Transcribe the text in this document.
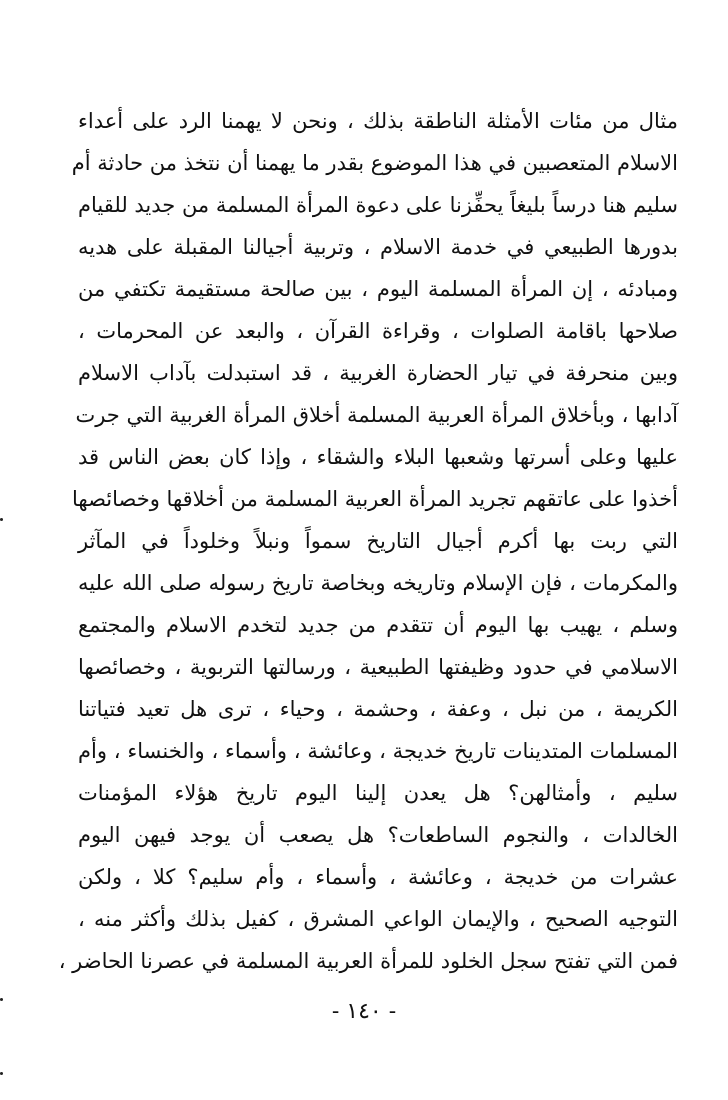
مثال من مئات الأمثلة الناطقة بذلك ، ونحن لا يهمنا الرد على أعداء
الاسلام المتعصبين في هذا الموضوع بقدر ما يهمنا أن نتخذ من حادثة أم
سليم هنا درساً بليغاً يحفِّزنا على دعوة المرأة المسلمة من جديد للقيام
بدورها الطبيعي في خدمة الاسلام ، وتربية أجيالنا المقبلة على هديه
ومبادئه ، إن المرأة المسلمة اليوم ، بين صالحة مستقيمة تكتفي من
صلاحها باقامة الصلوات ، وقراءة القرآن ، والبعد عن المحرمات ،
وبين منحرفة في تيار الحضارة الغربية ، قد استبدلت بآداب الاسلام
آدابها ، وبأخلاق المرأة العربية المسلمة أخلاق المرأة الغربية التي جرت
عليها وعلى أسرتها وشعبها البلاء والشقاء ، وإذا كان بعض الناس قد
أخذوا على عاتقهم تجريد المرأة العربية المسلمة من أخلاقها وخصائصها
التي ربت بها أكرم أجيال التاريخ سمواً ونبلاً وخلوداً في المآثر
والمكرمات ، فإن الإسلام وتاريخه وبخاصة تاريخ رسوله صلى الله عليه
وسلم ، يهيب بها اليوم أن تتقدم من جديد لتخدم الاسلام والمجتمع
الاسلامي في حدود وظيفتها الطبيعية ، ورسالتها التربوية ، وخصائصها
الكريمة ، من نبل ، وعفة ، وحشمة ، وحياء ، ترى هل تعيد فتياتنا
المسلمات المتدينات تاريخ خديجة ، وعائشة ، وأسماء ، والخنساء ، وأم
سليم ، وأمثالهن؟ هل يعدن إلينا اليوم تاريخ هؤلاء المؤمنات
الخالدات ، والنجوم الساطعات؟ هل يصعب أن يوجد فيهن اليوم
عشرات من خديجة ، وعائشة ، وأسماء ، وأم سليم؟ كلا ، ولكن
التوجيه الصحيح ، والإيمان الواعي المشرق ، كفيل بذلك وأكثر منه ،
فمن التي تفتح سجل الخلود للمرأة العربية المسلمة في عصرنا الحاضر ،
- ١٤٠ -
